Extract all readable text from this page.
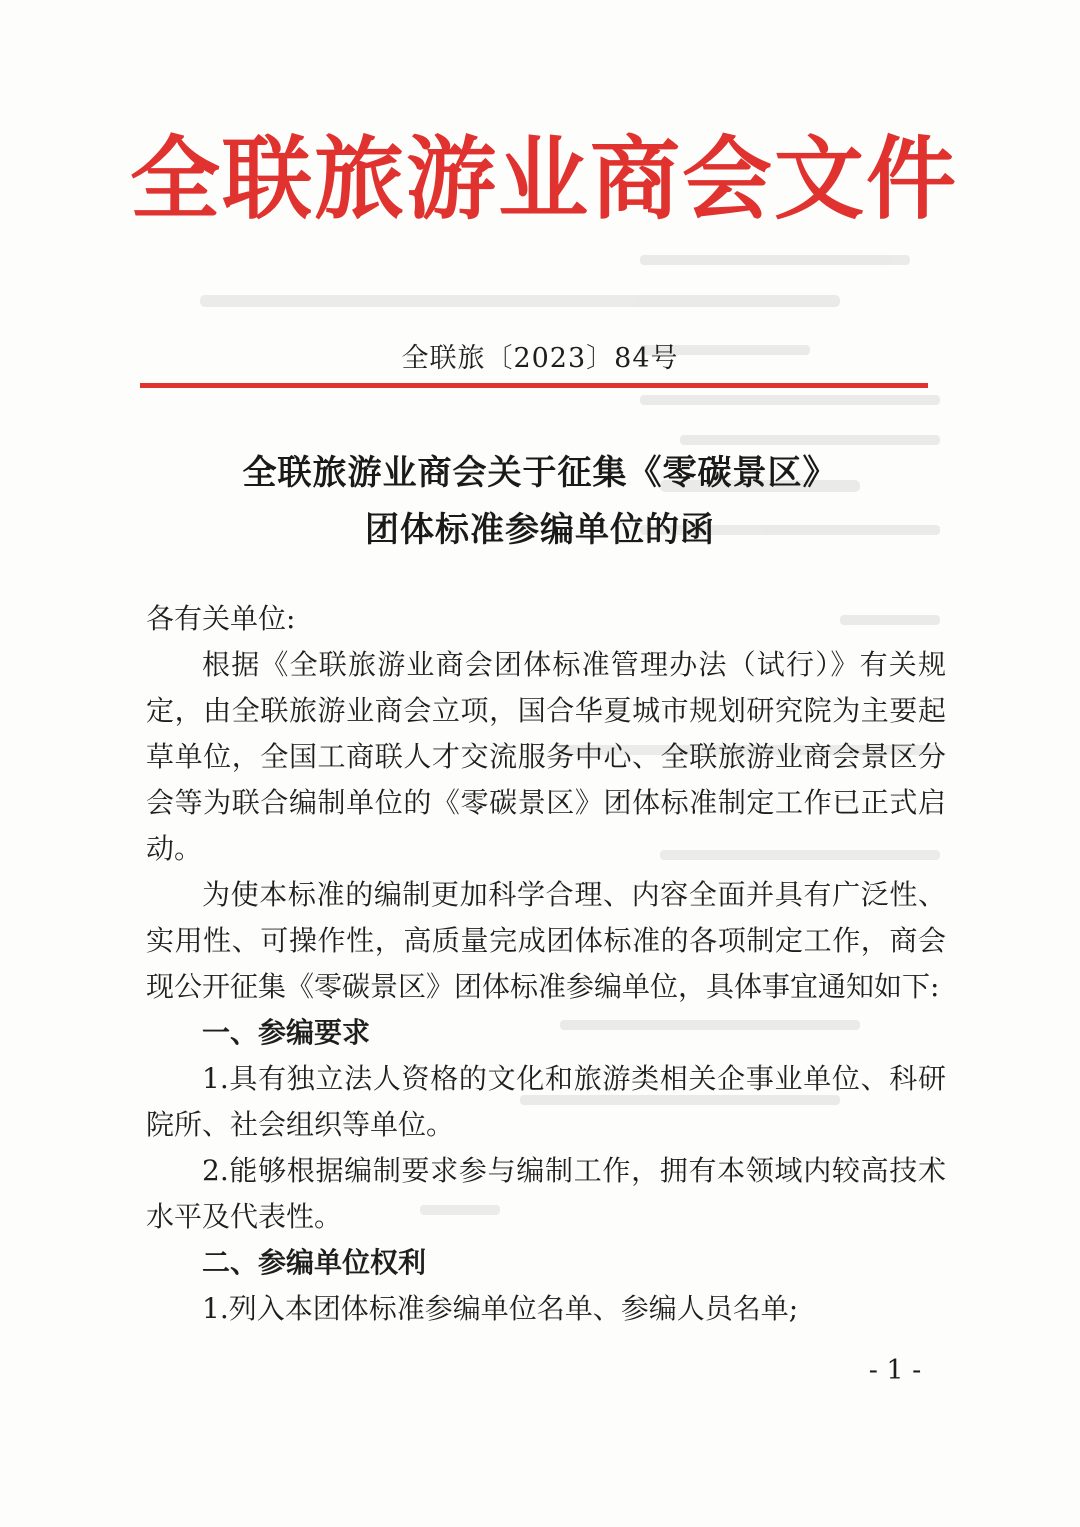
全联旅游业商会文件
全联旅〔2023〕84号
全联旅游业商会关于征集《零碳景区》
团体标准参编单位的函

各有关单位:

根据《全联旅游业商会团体标准管理办法（试行）》有关规定，由全联旅游业商会立项，国合华夏城市规划研究院为主要起草单位，全国工商联人才交流服务中心、全联旅游业商会景区分会等为联合编制单位的《零碳景区》团体标准制定工作已正式启动。

为使本标准的编制更加科学合理、内容全面并具有广泛性、实用性、可操作性，高质量完成团体标准的各项制定工作，商会现公开征集《零碳景区》团体标准参编单位，具体事宜通知如下:

一、参编要求

1.具有独立法人资格的文化和旅游类相关企事业单位、科研院所、社会组织等单位。

2.能够根据编制要求参与编制工作，拥有本领域内较高技术水平及代表性。

二、参编单位权利

1.列入本团体标准参编单位名单、参编人员名单;

- 1 -
